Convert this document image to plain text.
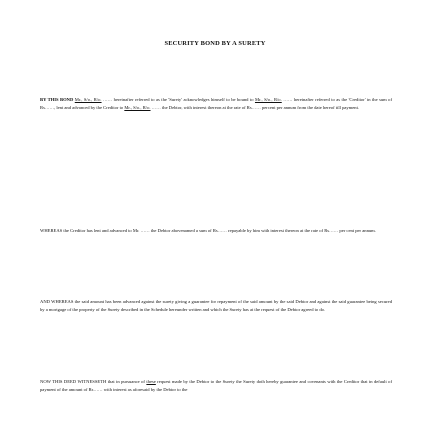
SECURITY BOND BY A SURETY
BY THIS BOND Mr., S/o., R/o. …… hereinafter referred to as the 'Surety' acknowledges himself to be bound to Mr., S/o., R/o. …… hereinafter referred to as the 'Creditor' in the sum of Rs……, lent and advanced by the Creditor to Mr., S/o., R/o. …… the Debtor, with interest thereon at the rate of Rs…… percent per annum from the date hereof till payment.
WHEREAS the Creditor has lent and advanced to Mr. …… the Debtor abovenamed a sum of Rs…… repayable by him with interest thereon at the rate of Rs…… per cent per annum.
AND WHEREAS the said amount has been advanced against the surety giving a guarantee for repayment of the said amount by the said Debtor and against the said guarantee being secured by a mortgage of the property of the Surety described in the Schedule hereunder written and which the Surety has at the request of the Debtor agreed to do.
NOW THIS DEED WITNESSETH that in pursuance of these request made by the Debtor to the Surety the Surety doth hereby guarantee and covenants with the Creditor that in default of payment of the amount of Rs…… with interest as aforesaid by the Debtor to the
